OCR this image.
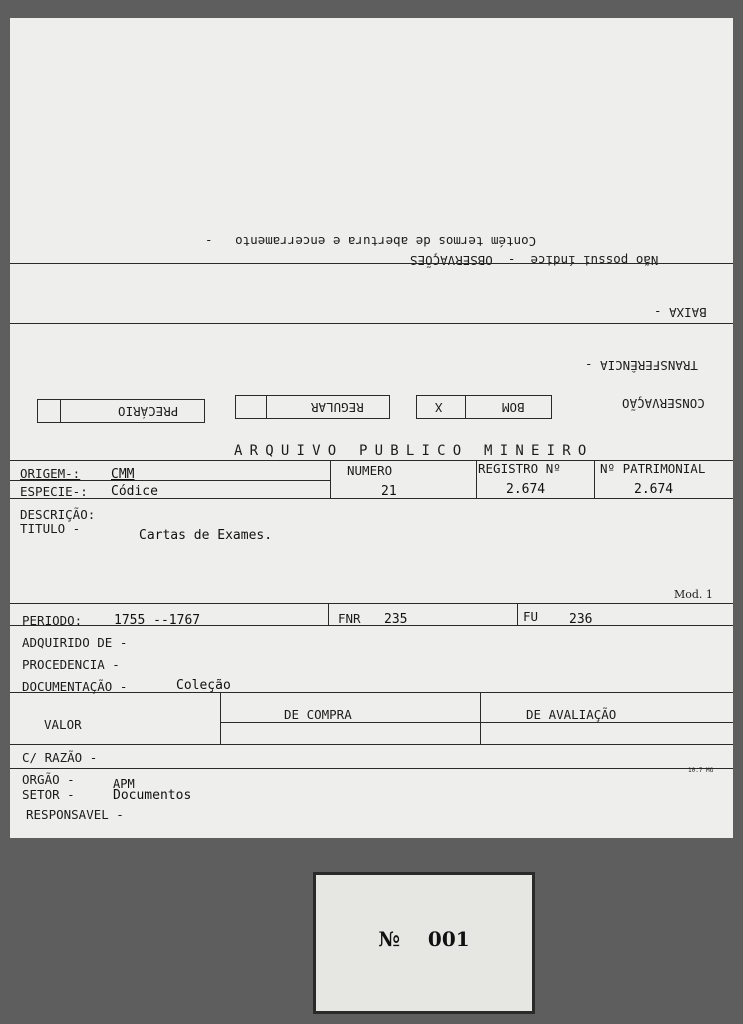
Contém termos de abertura e encerramento   -
Não possui índice  -  OBSERVAÇÕES
BAIXA -
TRANSFERÊNCIA -
CONSERVAÇÃO
X	BOM
REGULAR
PRECÁRIO
ARQUIVO PUBLICO MINEIRO
ORIGEM-: CMM
ESPECIE-: Códice
NUMERO
21
REGISTRO Nº
2.674
Nº PATRIMONIAL
2.674
DESCRIÇÃO:
TITULO -	Cartas de Exames.
Mod. 1
PERIODO: 1755 --1767	FNR 235	FU 236
ADQUIRIDO DE -
PROCEDENCIA -
DOCUMENTAÇÃO -	Coleção
VALOR
DE COMPRA	DE AVALIAÇÃO
C/ RAZÃO -
10.7 MG
ORGÃO -	APM
SETOR -	Documentos
RESPONSAVEL -
№ 001
